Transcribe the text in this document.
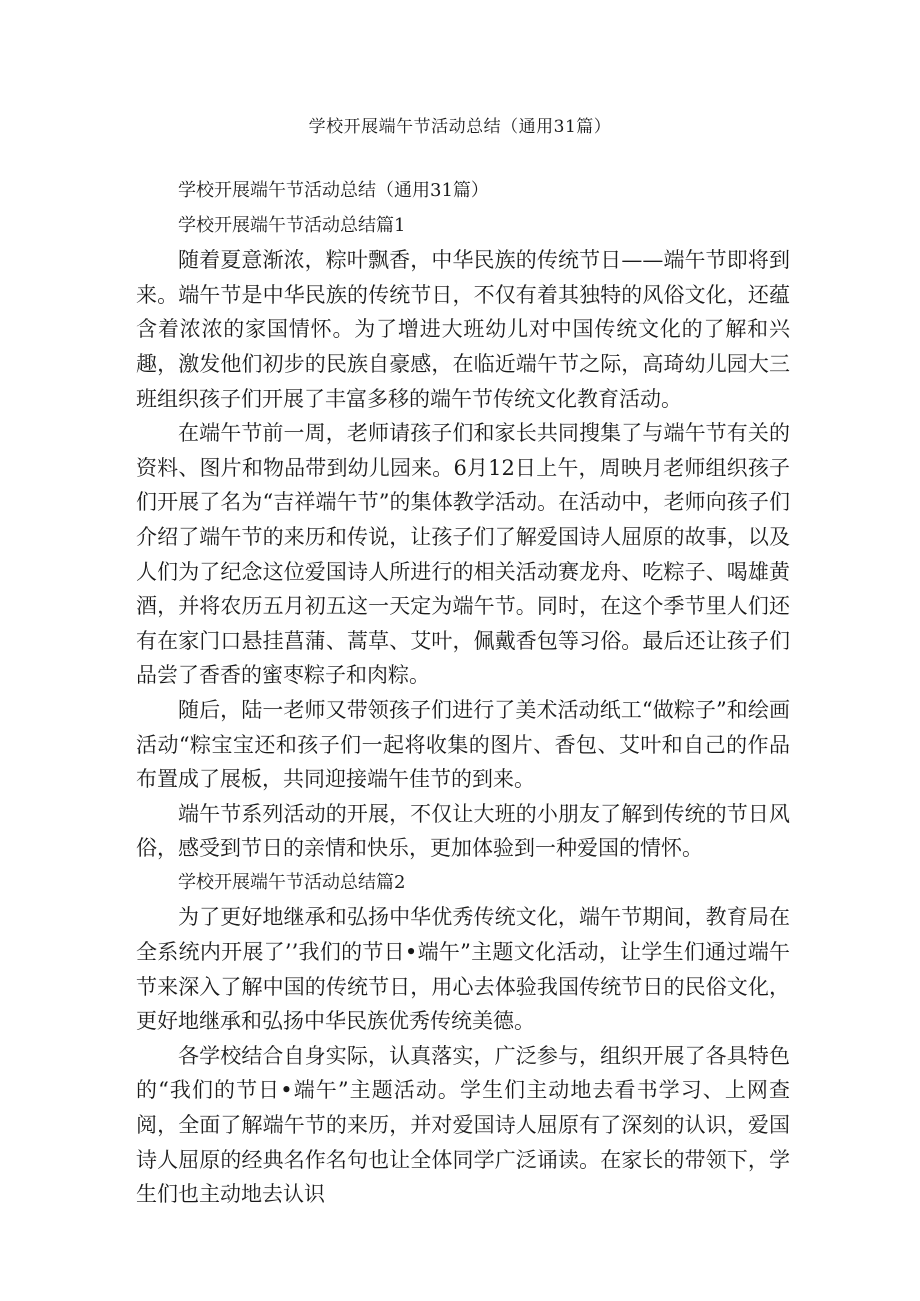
学校开展端午节活动总结（通用31篇）

学校开展端午节活动总结（通用31篇）

学校开展端午节活动总结篇1

随着夏意渐浓，粽叶飘香，中华民族的传统节日——端午节即将到来。端午节是中华民族的传统节日，不仅有着其独特的风俗文化，还蕴含着浓浓的家国情怀。为了增进大班幼儿对中国传统文化的了解和兴趣，激发他们初步的民族自豪感，在临近端午节之际，高琦幼儿园大三班组织孩子们开展了丰富多移的端午节传统文化教育活动。

在端午节前一周，老师请孩子们和家长共同搜集了与端午节有关的资料、图片和物品带到幼儿园来。6月12日上午，周映月老师组织孩子们开展了名为“吉祥端午节”的集体教学活动。在活动中，老师向孩子们介绍了端午节的来历和传说，让孩子们了解爱国诗人屈原的故事，以及人们为了纪念这位爱国诗人所进行的相关活动赛龙舟、吃粽子、喝雄黄酒，并将农历五月初五这一天定为端午节。同时，在这个季节里人们还有在家门口悬挂菖蒲、蒿草、艾叶，佩戴香包等习俗。最后还让孩子们品尝了香香的蜜枣粽子和肉粽。

随后，陆一老师又带领孩子们进行了美术活动纸工“做粽子”和绘画活动“粽宝宝还和孩子们一起将收集的图片、香包、艾叶和自己的作品布置成了展板，共同迎接端午佳节的到来。

端午节系列活动的开展，不仅让大班的小朋友了解到传统的节日风俗，感受到节日的亲情和快乐，更加体验到一种爱国的情怀。

学校开展端午节活动总结篇2

为了更好地继承和弘扬中华优秀传统文化，端午节期间，教育局在全系统内开展了’’我们的节日•端午”主题文化活动，让学生们通过端午节来深入了解中国的传统节日，用心去体验我国传统节日的民俗文化，更好地继承和弘扬中华民族优秀传统美德。

各学校结合自身实际，认真落实，广泛参与，组织开展了各具特色的“我们的节日•端午”主题活动。学生们主动地去看书学习、上网查阅，全面了解端午节的来历，并对爱国诗人屈原有了深刻的认识，爱国诗人屈原的经典名作名句也让全体同学广泛诵读。在家长的带领下，学生们也主动地去认识
